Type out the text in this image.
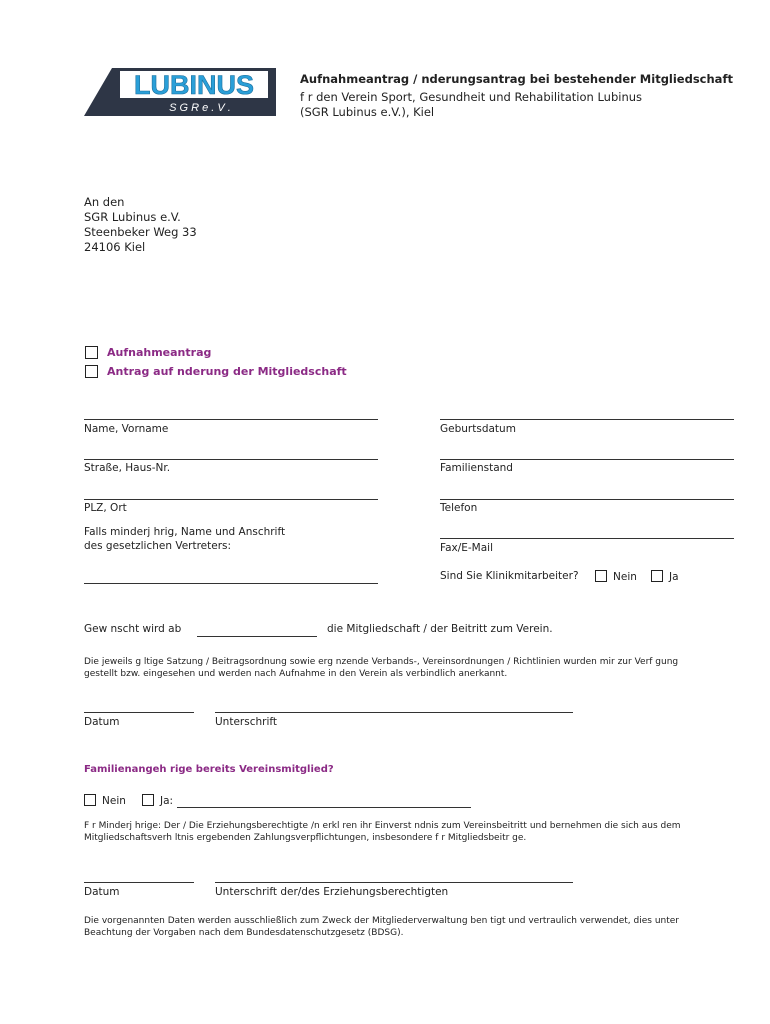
LUBINUS
S G R e . V .
Aufnahmeantrag / nderungsantrag bei bestehender Mitgliedschaft
f r den Verein Sport, Gesundheit und Rehabilitation Lubinus
(SGR Lubinus e.V.), Kiel
An den
SGR Lubinus e.V.
Steenbeker Weg 33
24106 Kiel
Aufnahmeantrag
Antrag auf nderung der Mitgliedschaft
Name, Vorname	Geburtsdatum
Straße, Haus-Nr.	Familienstand
PLZ, Ort	Telefon
Falls minderj hrig, Name und Anschrift
des gesetzlichen Vertreters:	Fax/E-Mail
Sind Sie Klinikmitarbeiter?	Nein	Ja
Gew nscht wird ab	die Mitgliedschaft / der Beitritt zum Verein.
Die jeweils g ltige Satzung / Beitragsordnung sowie erg nzende Verbands-, Vereinsordnungen / Richtlinien wurden mir zur Verf gung
gestellt bzw. eingesehen und werden nach Aufnahme in den Verein als verbindlich anerkannt.
Datum	Unterschrift
Familienangeh rige bereits Vereinsmitglied?
Nein	Ja:
F r Minderj hrige: Der / Die Erziehungsberechtigte /n erkl ren ihr Einverst ndnis zum Vereinsbeitritt und bernehmen die sich aus dem
Mitgliedschaftsverh ltnis ergebenden Zahlungsverpflichtungen, insbesondere f r Mitgliedsbeitr ge.
Datum	Unterschrift der/des Erziehungsberechtigten
Die vorgenannten Daten werden ausschließlich zum Zweck der Mitgliederverwaltung ben tigt und vertraulich verwendet, dies unter
Beachtung der Vorgaben nach dem Bundesdatenschutzgesetz (BDSG).
